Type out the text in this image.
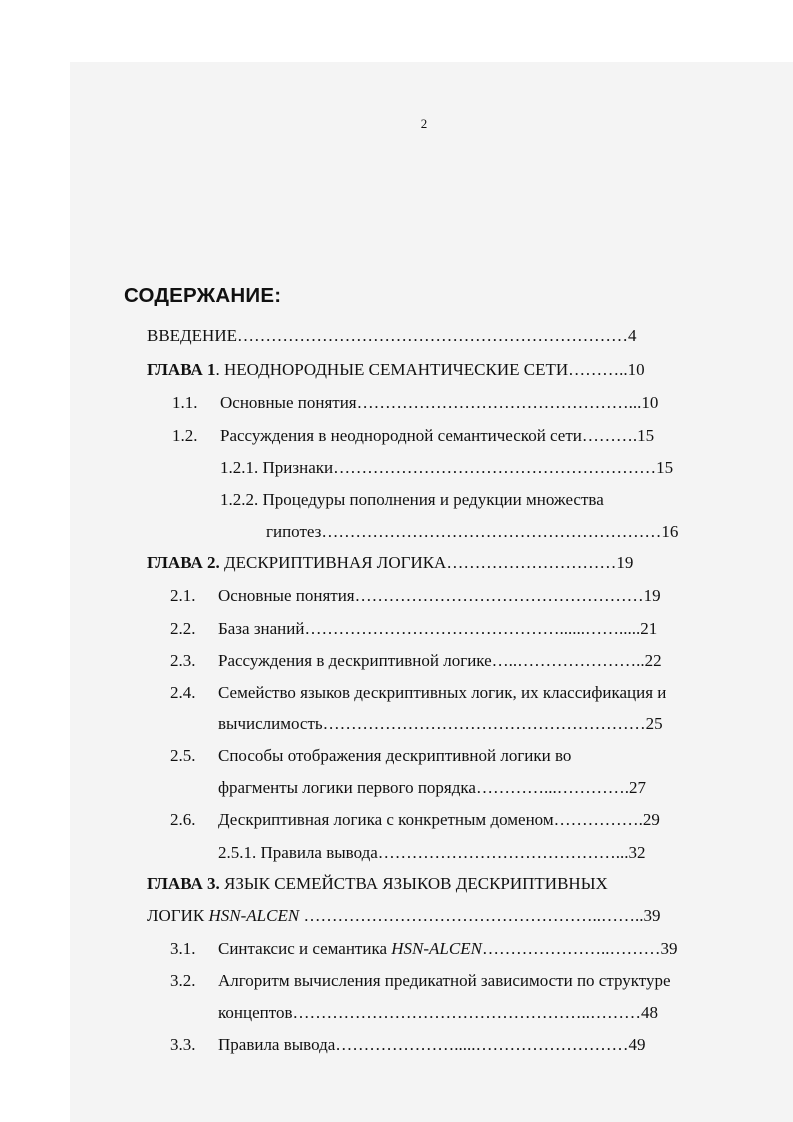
2
СОДЕРЖАНИЕ:
ВВЕДЕНИЕ……………………………………………………………4
ГЛАВА 1. НЕОДНОРОДНЫЕ СЕМАНТИЧЕСКИЕ СЕТИ………..10
1.1. Основные понятия…………………………………………...10
1.2. Рассуждения в неоднородной семантической сети……….15
1.2.1. Признаки…………………………………………………15
1.2.2. Процедуры пополнения и редукции множества
гипотез……………………………………………………16
ГЛАВА 2. ДЕСКРИПТИВНАЯ ЛОГИКА…………………………19
2.1. Основные понятия……………………………………………19
2.2. База знаний………………………………………......…….....21
2.3. Рассуждения в дескриптивной логике…..…………………..22
2.4. Семейство языков дескриптивных логик, их классификация и
вычислимость…………………………………………………25
2.5. Способы отображения дескриптивной логики во
фрагменты логики первого порядка…………...………….27
2.6. Дескриптивная логика с конкретным доменом…………….29
2.5.1. Правила вывода……………………………………...32
ГЛАВА 3. ЯЗЫК СЕМЕЙСТВА ЯЗЫКОВ ДЕСКРИПТИВНЫХ
ЛОГИК HSN-ALCEN ……………………………………………..……..39
3.1. Синтаксис и семантика HSN-ALCEN…………………..………39
3.2. Алгоритм вычисления предикатной зависимости по структуре
концептов……………………………………………..………48
3.3. Правила вывода………………….....………………………49
